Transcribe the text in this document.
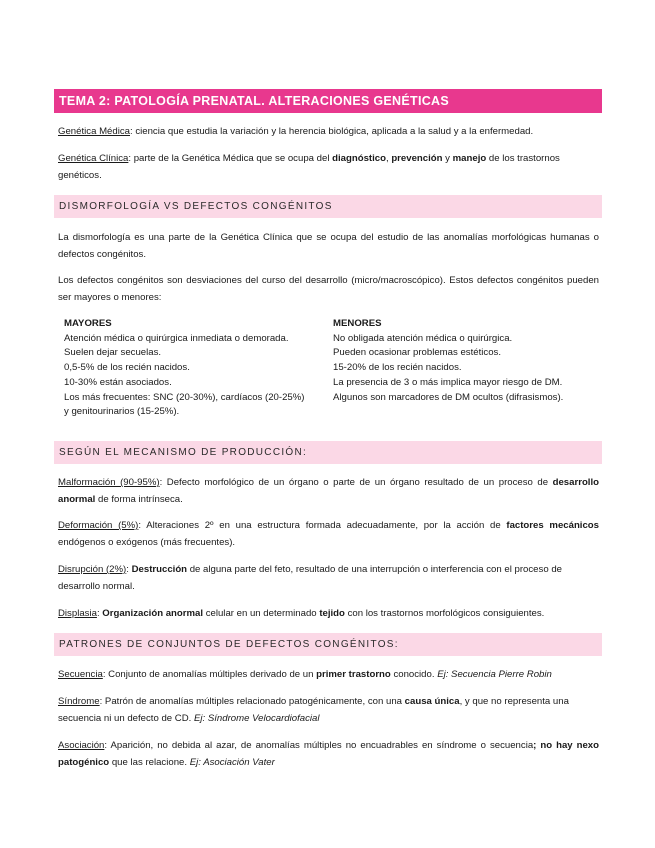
TEMA 2: PATOLOGÍA PRENATAL. ALTERACIONES GENÉTICAS

Genética Médica: ciencia que estudia la variación y la herencia biológica, aplicada a la salud y a la enfermedad.

Genética Clínica: parte de la Genética Médica que se ocupa del diagnóstico, prevención y manejo de los trastornos genéticos.

DISMORFOLOGÍA VS DEFECTOS CONGÉNITOS

La dismorfología es una parte de la Genética Clínica que se ocupa del estudio de las anomalías morfológicas humanas o defectos congénitos.

Los defectos congénitos son desviaciones del curso del desarrollo (micro/macroscópico). Estos defectos congénitos pueden ser mayores o menores:

MAYORES
Atención médica o quirúrgica inmediata o demorada.
Suelen dejar secuelas.
0,5-5% de los recién nacidos.
10-30% están asociados.
Los más frecuentes: SNC (20-30%), cardíacos (20-25%)
y genitourinarios (15-25%).
MENORES
No obligada atención médica o quirúrgica.
Pueden ocasionar problemas estéticos.
15-20% de los recién nacidos.
La presencia de 3 o más implica mayor riesgo de DM.
Algunos son marcadores de DM ocultos (difrasismos).
SEGÚN EL MECANISMO DE PRODUCCIÓN:

Malformación (90-95%): Defecto morfológico de un órgano o parte de un órgano resultado de un proceso de desarrollo anormal de forma intrínseca.

Deformación (5%): Alteraciones 2º en una estructura formada adecuadamente, por la acción de factores mecánicos endógenos o exógenos (más frecuentes).

Disrupción (2%): Destrucción de alguna parte del feto, resultado de una interrupción o interferencia con el proceso de desarrollo normal.

Displasia: Organización anormal celular en un determinado tejido con los trastornos morfológicos consiguientes.

PATRONES DE CONJUNTOS DE DEFECTOS CONGÉNITOS:

Secuencia: Conjunto de anomalías múltiples derivado de un primer trastorno conocido. Ej: Secuencia Pierre Robin

Síndrome: Patrón de anomalías múltiples relacionado patogénicamente, con una causa única, y que no representa una secuencia ni un defecto de CD. Ej: Síndrome Velocardiofacial

Asociación: Aparición, no debida al azar, de anomalías múltiples no encuadrables en síndrome o secuencia; no hay nexo patogénico que las relacione. Ej: Asociación Vater
